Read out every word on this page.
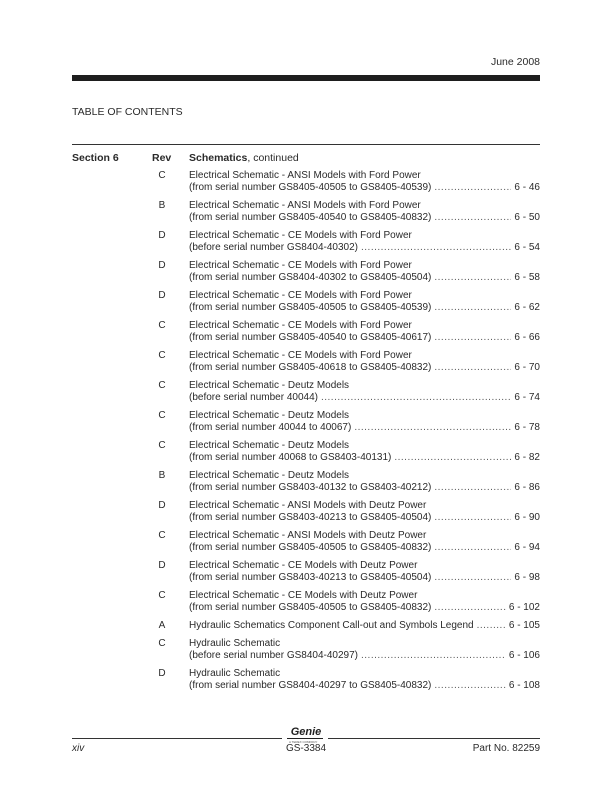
June 2008
TABLE OF CONTENTS
Section 6	Rev Schematics, continued
C	Electrical Schematic - ANSI Models with Ford Power
(from serial number GS8405-40505 to GS8405-40539) .....	6 - 46
B	Electrical Schematic - ANSI Models with Ford Power
(from serial number GS8405-40540 to GS8405-40832) .....	6 - 50
D	Electrical Schematic - CE Models with Ford Power
(before serial number GS8404-40302) .....	6 - 54
D	Electrical Schematic - CE Models with Ford Power
(from serial number GS8404-40302 to GS8405-40504) .....	6 - 58
D	Electrical Schematic - CE Models with Ford Power
(from serial number GS8405-40505 to GS8405-40539) .....	6 - 62
C	Electrical Schematic - CE Models with Ford Power
(from serial number GS8405-40540 to GS8405-40617) .....	6 - 66
C	Electrical Schematic - CE Models with Ford Power
(from serial number GS8405-40618 to GS8405-40832) .....	6 - 70
C	Electrical Schematic - Deutz Models
(before serial number 40044) .....	6 - 74
C	Electrical Schematic - Deutz Models
(from serial number 40044 to 40067) .....	6 - 78
C	Electrical Schematic - Deutz Models
(from serial number 40068 to GS8403-40131) .....	6 - 82
B	Electrical Schematic - Deutz Models
(from serial number GS8403-40132 to GS8403-40212) .....	6 - 86
D	Electrical Schematic - ANSI Models with Deutz Power
(from serial number GS8403-40213 to GS8405-40504) .....	6 - 90
C	Electrical Schematic - ANSI Models with Deutz Power
(from serial number GS8405-40505 to GS8405-40832) .....	6 - 94
D	Electrical Schematic - CE Models with Deutz Power
(from serial number GS8403-40213 to GS8405-40504) .....	6 - 98
C	Electrical Schematic - CE Models with Deutz Power
(from serial number GS8405-40505 to GS8405-40832) .....	6 - 102
A	Hydraulic Schematics Component Call-out and Symbols Legend .....	6 - 105
C	Hydraulic Schematic
(before serial number GS8404-40297) .....	6 - 106
D	Hydraulic Schematic
(from serial number GS8404-40297 to GS8405-40832) .....	6 - 108
Genie
A TEREX COMPANY
xiv	GS-3384	Part No. 82259
